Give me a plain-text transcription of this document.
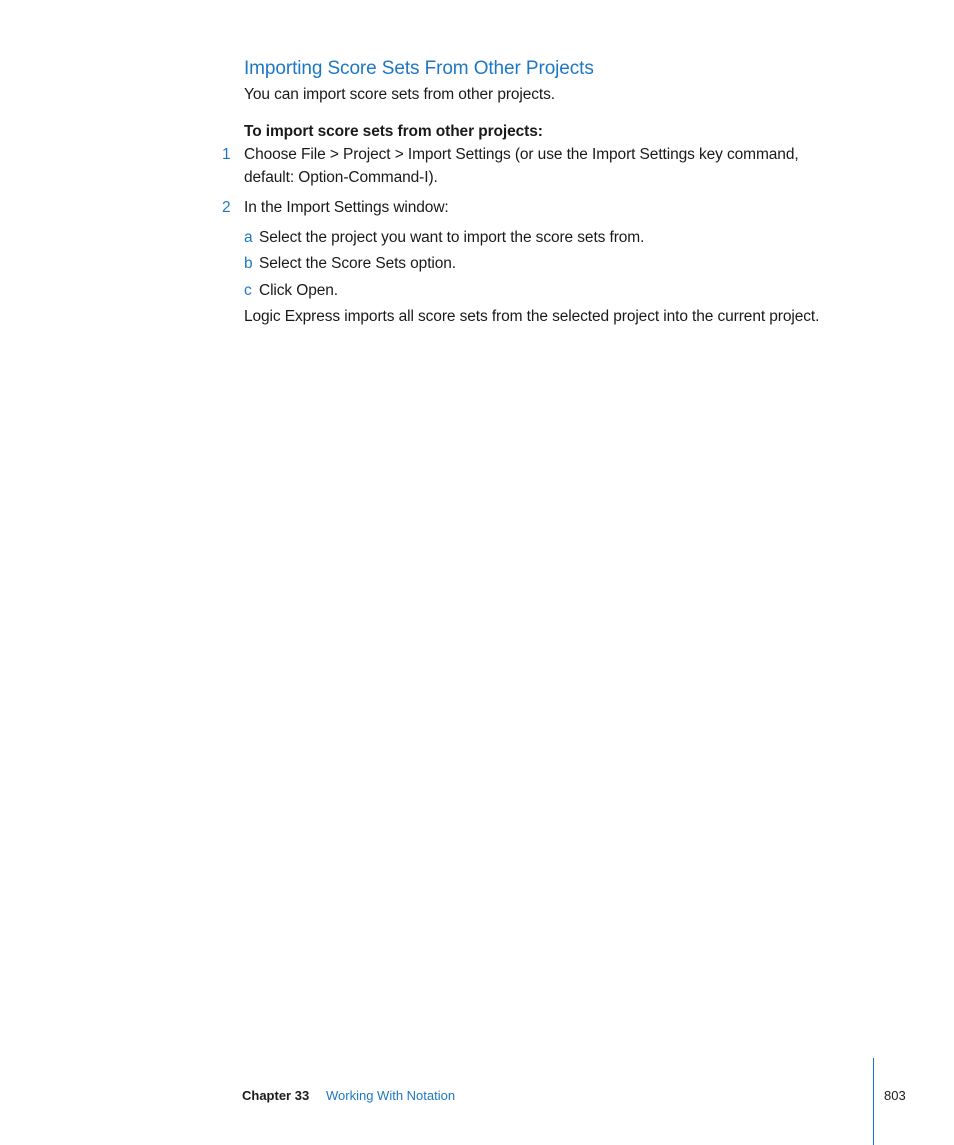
Importing Score Sets From Other Projects
You can import score sets from other projects.
To import score sets from other projects:
1 Choose File > Project > Import Settings (or use the Import Settings key command,
default: Option-Command-I).
2 In the Import Settings window:
a Select the project you want to import the score sets from.
b Select the Score Sets option.
c Click Open.
Logic Express imports all score sets from the selected project into the current project.
Chapter 33 Working With Notation	803
